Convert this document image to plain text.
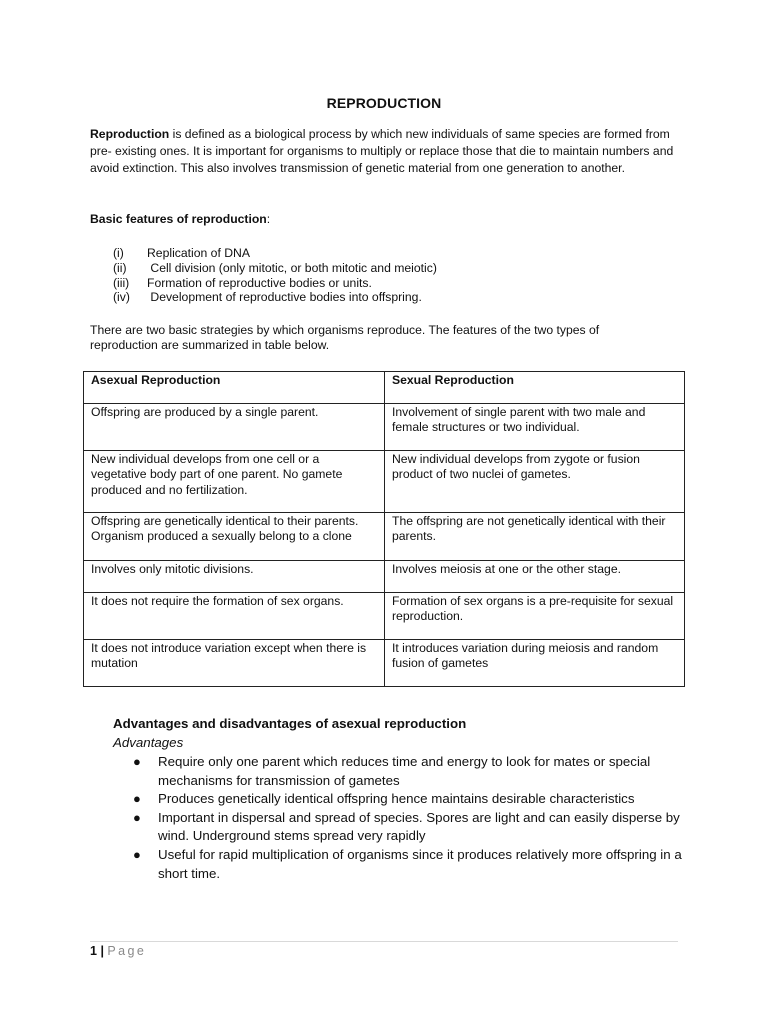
REPRODUCTION
Reproduction is defined as a biological process by which new individuals of same species are formed from pre- existing ones. It is important for organisms to multiply or replace those that die to maintain numbers and avoid extinction. This also involves transmission of genetic material from one generation to another.
Basic features of reproduction:
(i)	Replication of DNA
(ii)	Cell division (only mitotic, or both mitotic and meiotic)
(iii)	Formation of reproductive bodies or units.
(iv)	Development of reproductive bodies into offspring.
There are two basic strategies by which organisms reproduce. The features of the two types of reproduction are summarized in table below.
Asexual Reproduction	Sexual Reproduction
Offspring are produced by a single parent.	Involvement of single parent with two male and female structures or two individual.
New individual develops from one cell or a vegetative body part of one parent. No gamete produced and no fertilization.	New individual develops from zygote or fusion product of two nuclei of gametes.
Offspring are genetically identical to their parents. Organism produced a sexually belong to a clone	The offspring are not genetically identical with their parents.
Involves only mitotic divisions.	Involves meiosis at one or the other stage.
It does not require the formation of sex organs.	Formation of sex organs is a pre-requisite for sexual reproduction.
It does not introduce variation except when there is mutation	It introduces variation during meiosis and random fusion of gametes
Advantages and disadvantages of asexual reproduction
Advantages
● Require only one parent which reduces time and energy to look for mates or special mechanisms for transmission of gametes
● Produces genetically identical offspring hence maintains desirable characteristics
● Important in dispersal and spread of species. Spores are light and can easily disperse by wind. Underground stems spread very rapidly
● Useful for rapid multiplication of organisms since it produces relatively more offspring in a short time.
1 | Page
